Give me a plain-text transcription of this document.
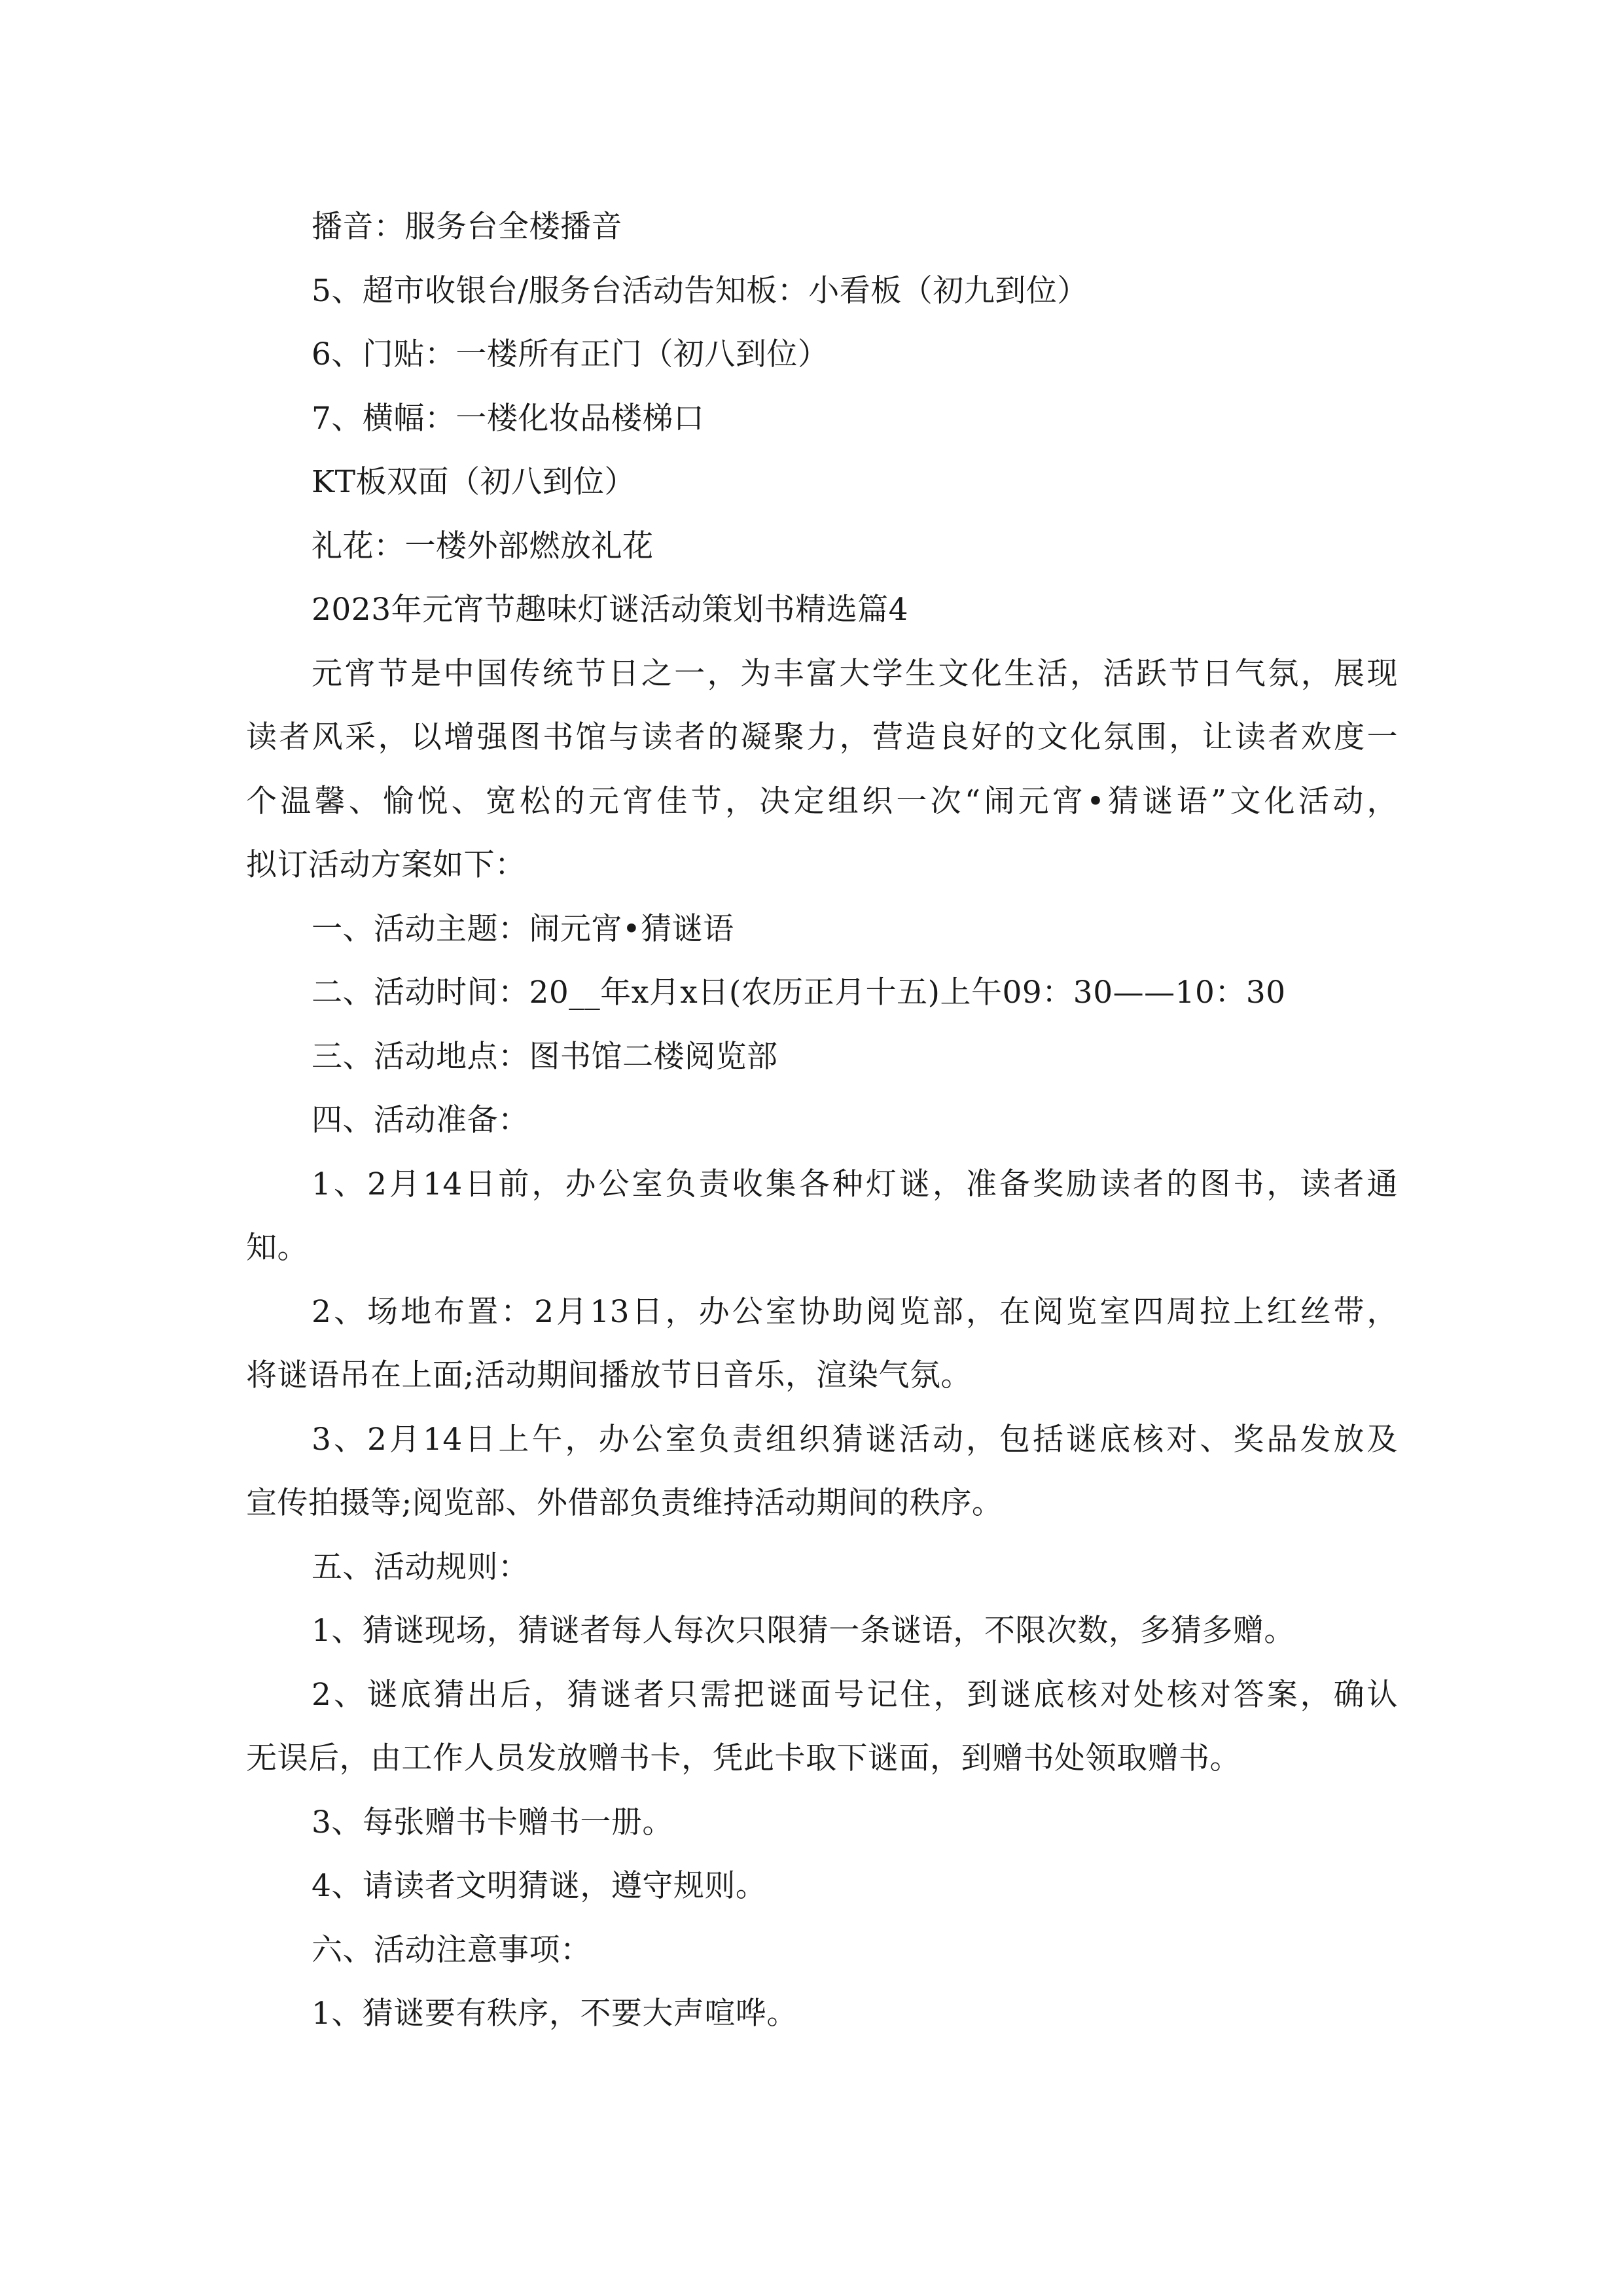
播音：服务台全楼播音
5、超市收银台/服务台活动告知板：小看板（初九到位）
6、门贴：一楼所有正门（初八到位）
7、横幅：一楼化妆品楼梯口
KT板双面（初八到位）
礼花：一楼外部燃放礼花
2023年元宵节趣味灯谜活动策划书精选篇4
元宵节是中国传统节日之一，为丰富大学生文化生活，活跃节日气氛，展现
读者风采，以增强图书馆与读者的凝聚力，营造良好的文化氛围，让读者欢度一
个温馨、愉悦、宽松的元宵佳节，决定组织一次“闹元宵•猜谜语”文化活动，
拟订活动方案如下：
一、活动主题：闹元宵•猜谜语
二、活动时间：20__年x月x日(农历正月十五)上午09：30——10：30
三、活动地点：图书馆二楼阅览部
四、活动准备：
1、2月14日前，办公室负责收集各种灯谜，准备奖励读者的图书，读者通
知。
2、场地布置：2月13日，办公室协助阅览部，在阅览室四周拉上红丝带，
将谜语吊在上面;活动期间播放节日音乐，渲染气氛。
3、2月14日上午，办公室负责组织猜谜活动，包括谜底核对、奖品发放及
宣传拍摄等;阅览部、外借部负责维持活动期间的秩序。
五、活动规则：
1、猜谜现场，猜谜者每人每次只限猜一条谜语，不限次数，多猜多赠。
2、谜底猜出后，猜谜者只需把谜面号记住，到谜底核对处核对答案，确认
无误后，由工作人员发放赠书卡，凭此卡取下谜面，到赠书处领取赠书。
3、每张赠书卡赠书一册。
4、请读者文明猜谜，遵守规则。
六、活动注意事项：
1、猜谜要有秩序，不要大声喧哗。
